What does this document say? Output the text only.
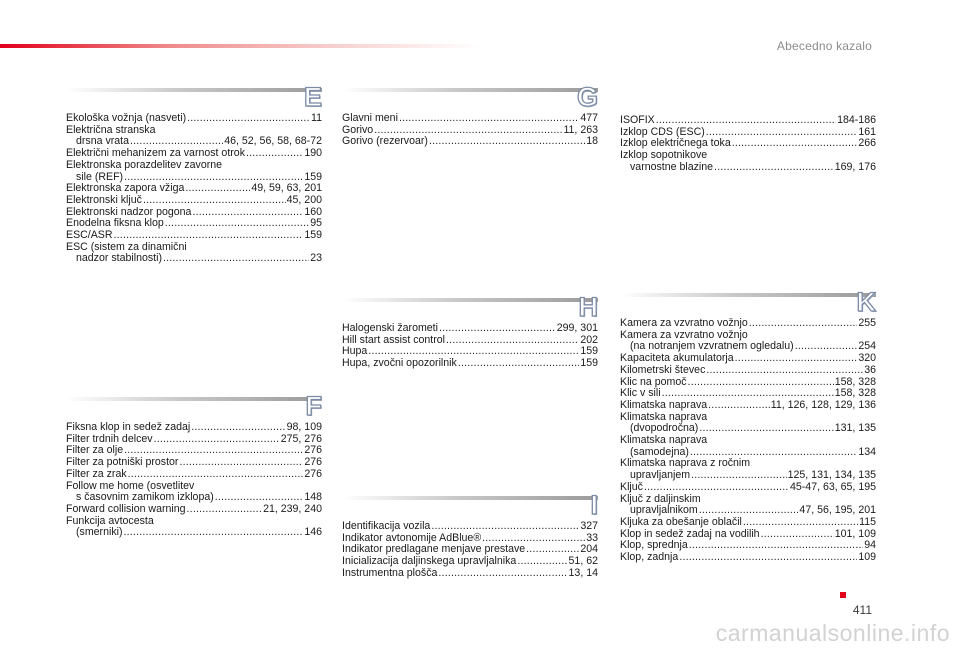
Abecedno kazalo
E
Ekološka vožnja (nasveti) .....	11
Električna stranska
drsna vrata .....	46, 52, 56, 58, 68-72
Električni mehanizem za varnost otrok .....	190
Elektronska porazdelitev zavorne
sile (REF) .....	159
Elektronska zapora vžiga .....	49, 59, 63, 201
Elektronski ključ .....	45, 200
Elektronski nadzor pogona .....	160
Enodelna fiksna klop .....	95
ESC/ASR .....	159
ESC (sistem za dinamični
nadzor stabilnosti) .....	23
F
Fiksna klop in sedež zadaj .....	98, 109
Filter trdnih delcev .....	275, 276
Filter za olje .....	276
Filter za potniški prostor .....	276
Filter za zrak .....	276
Follow me home (osvetlitev
s časovnim zamikom izklopa) .....	148
Forward collision warning .....	21, 239, 240
Funkcija avtocesta
(smerniki) .....	146
G
Glavni meni .....	477
Gorivo .....	11, 263
Gorivo (rezervoar) .....	18
H
Halogenski žarometi .....	299, 301
Hill start assist control .....	202
Hupa .....	159
Hupa, zvočni opozorilnik .....	159
I
Identifikacija vozila .....	327
Indikator avtonomije AdBlue® .....	33
Indikator predlagane menjave prestave .....	204
Inicializacija daljinskega upravljalnika .....	51, 62
Instrumentna plošča .....	13, 14
ISOFIX .....	184-186
Izklop CDS (ESC) .....	161
Izklop električnega toka .....	266
Izklop sopotnikove
varnostne blazine .....	169, 176
K
Kamera za vzvratno vožnjo .....	255
Kamera za vzvratno vožnjo
(na notranjem vzvratnem ogledalu) .....	254
Kapaciteta akumulatorja .....	320
Kilometrski števec .....	36
Klic na pomoč .....	158, 328
Klic v sili .....	158, 328
Klimatska naprava .....	11, 126, 128, 129, 136
Klimatska naprava
(dvopodročna) .....	131, 135
Klimatska naprava
(samodejna) .....	134
Klimatska naprava z ročnim
upravljanjem .....	125, 131, 134, 135
Ključ .....	45-47, 63, 65, 195
Ključ z daljinskim
upravljalnikom .....	47, 56, 195, 201
Kljuka za obešanje oblačil .....	115
Klop in sedež zadaj na vodilih .....	101, 109
Klop, sprednja .....	94
Klop, zadnja .....	109
411
carmanualsonline.info
